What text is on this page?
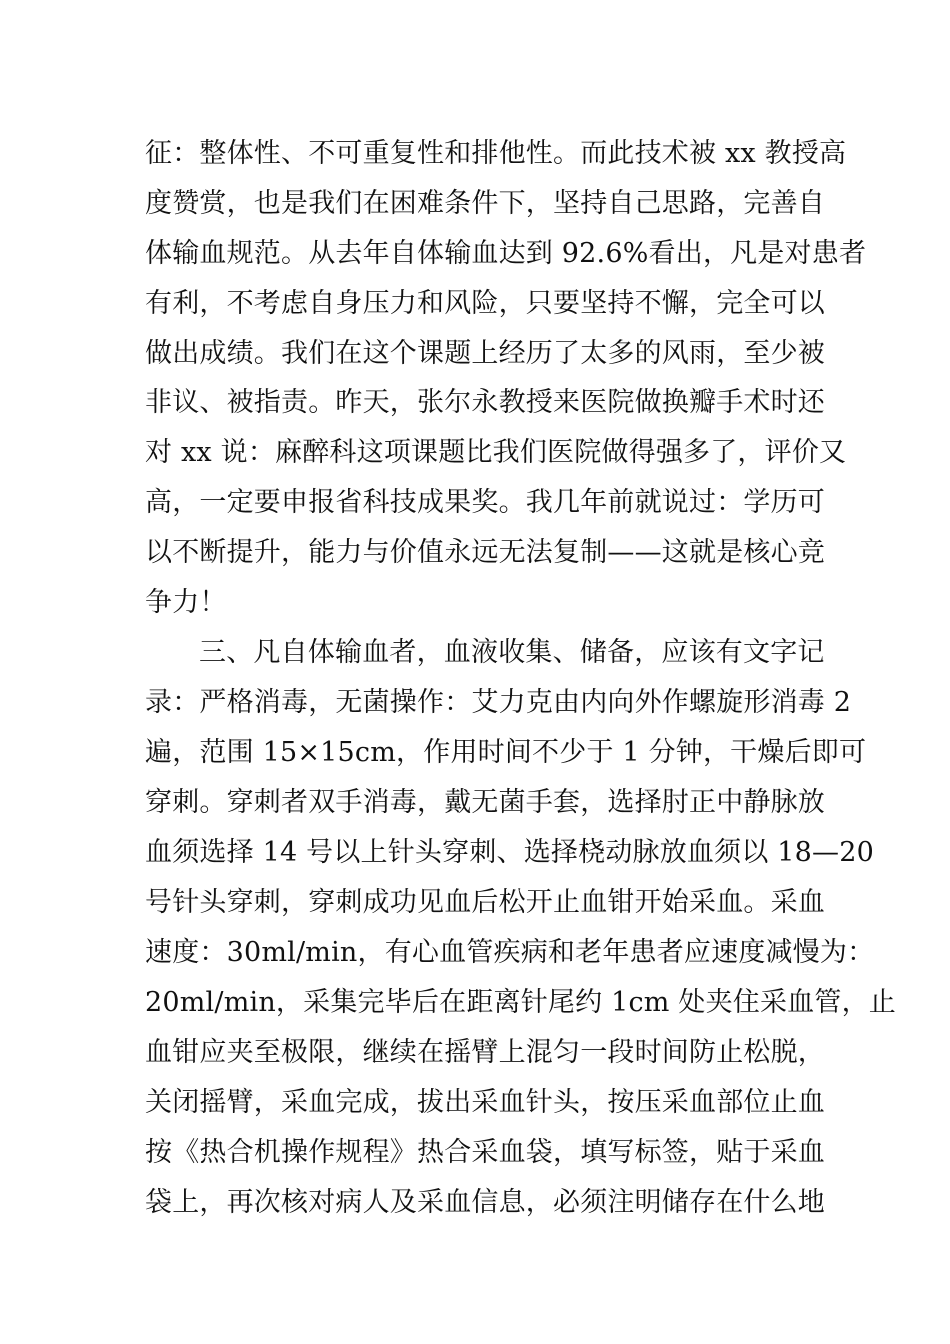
征：整体性、不可重复性和排他性。而此技术被 xx 教授高
度赞赏，也是我们在困难条件下，坚持自己思路，完善自
体输血规范。从去年自体输血达到 92.6%看出，凡是对患者
有利，不考虑自身压力和风险，只要坚持不懈，完全可以
做出成绩。我们在这个课题上经历了太多的风雨，至少被
非议、被指责。昨天，张尔永教授来医院做换瓣手术时还
对 xx 说：麻醉科这项课题比我们医院做得强多了，评价又
高，一定要申报省科技成果奖。我几年前就说过：学历可
以不断提升，能力与价值永远无法复制——这就是核心竞
争力！
三、凡自体输血者，血液收集、储备，应该有文字记
录：严格消毒，无菌操作：艾力克由内向外作螺旋形消毒 2
遍，范围 15×15cm，作用时间不少于 1 分钟，干燥后即可
穿刺。穿刺者双手消毒，戴无菌手套，选择肘正中静脉放
血须选择 14 号以上针头穿刺、选择桡动脉放血须以 18—20
号针头穿刺，穿刺成功见血后松开止血钳开始采血。采血
速度：30ml/min，有心血管疾病和老年患者应速度减慢为：
20ml/min，采集完毕后在距离针尾约 1cm 处夹住采血管，止
血钳应夹至极限，继续在摇臂上混匀一段时间防止松脱，
关闭摇臂，采血完成，拔出采血针头，按压采血部位止血
按《热合机操作规程》热合采血袋，填写标签，贴于采血
袋上，再次核对病人及采血信息，必须注明储存在什么地
